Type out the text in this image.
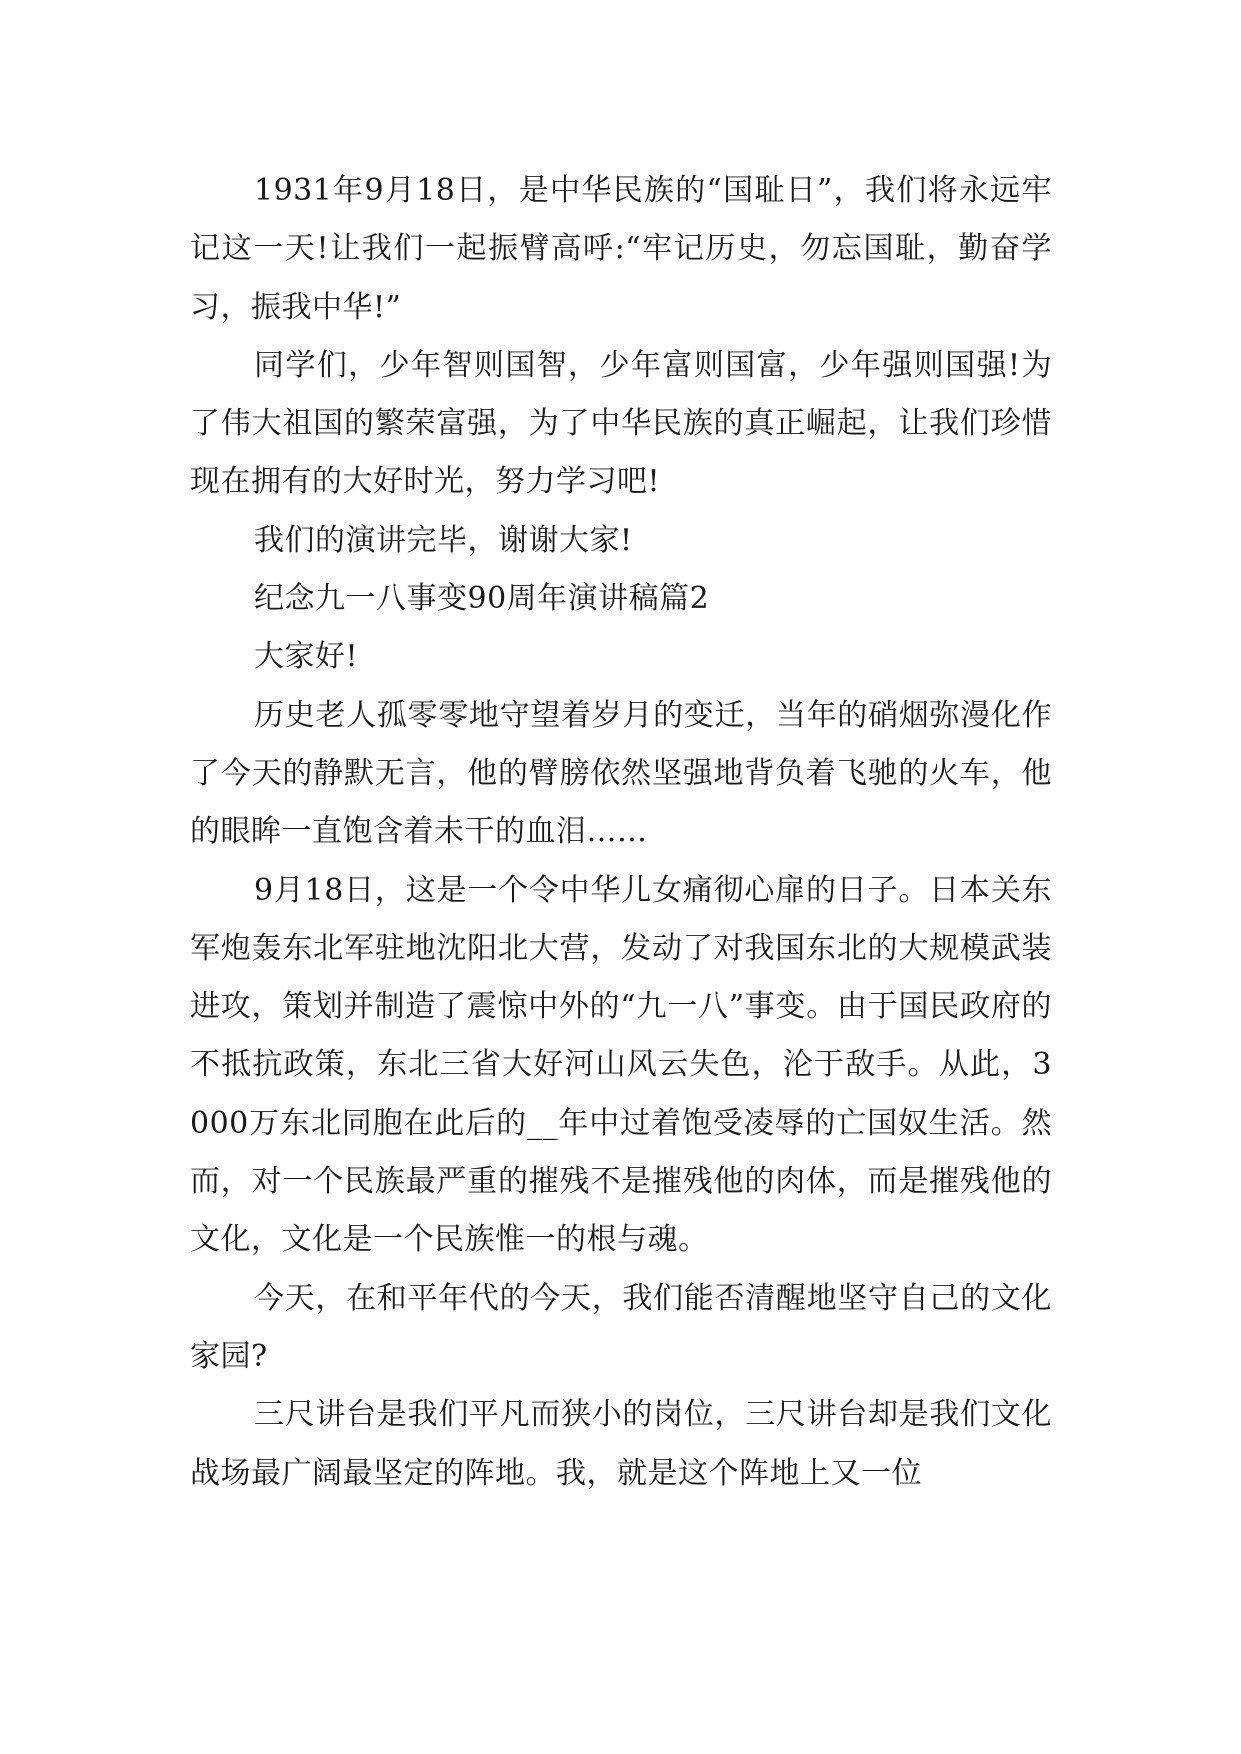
1931年9月18日，是中华民族的“国耻日”，我们将永远牢记这一天!让我们一起振臂高呼:“牢记历史，勿忘国耻，勤奋学习，振我中华!”

同学们，少年智则国智，少年富则国富，少年强则国强!为了伟大祖国的繁荣富强，为了中华民族的真正崛起，让我们珍惜现在拥有的大好时光，努力学习吧!

我们的演讲完毕，谢谢大家!

纪念九一八事变90周年演讲稿篇2

大家好!

历史老人孤零零地守望着岁月的变迁，当年的硝烟弥漫化作了今天的静默无言，他的臂膀依然坚强地背负着飞驰的火车，他的眼眸一直饱含着未干的血泪……

9月18日，这是一个令中华儿女痛彻心扉的日子。日本关东军炮轰东北军驻地沈阳北大营，发动了对我国东北的大规模武装进攻，策划并制造了震惊中外的“九一八”事变。由于国民政府的不抵抗政策，东北三省大好河山风云失色，沦于敌手。从此，3000万东北同胞在此后的__年中过着饱受凌辱的亡国奴生活。然而，对一个民族最严重的摧残不是摧残他的肉体，而是摧残他的文化，文化是一个民族惟一的根与魂。

今天，在和平年代的今天，我们能否清醒地坚守自己的文化家园?

三尺讲台是我们平凡而狭小的岗位，三尺讲台却是我们文化战场最广阔最坚定的阵地。我，就是这个阵地上又一位
